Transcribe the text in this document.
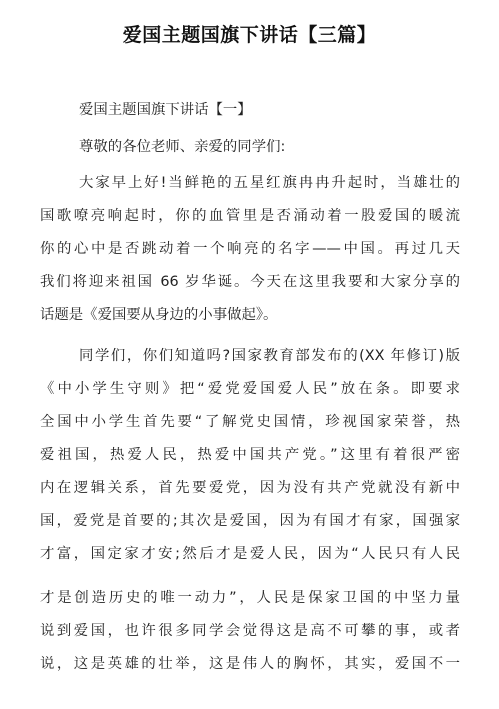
爱国主题国旗下讲话【三篇】
爱国主题国旗下讲话【一】
尊敬的各位老师、亲爱的同学们:
大家早上好!当鲜艳的五星红旗冉冉升起时，当雄壮的
国歌嘹亮响起时，你的血管里是否涌动着一股爱国的暖流
你的心中是否跳动着一个响亮的名字——中国。再过几天
我们将迎来祖国 66 岁华诞。今天在这里我要和大家分享的
话题是《爱国要从身边的小事做起》。
同学们，你们知道吗?国家教育部发布的(XX 年修订)版
《中小学生守则》把“爱党爱国爱人民”放在条。即要求
全国中小学生首先要“了解党史国情，珍视国家荣誉，热
爱祖国，热爱人民，热爱中国共产党。”这里有着很严密
内在逻辑关系，首先要爱党，因为没有共产党就没有新中
国，爱党是首要的;其次是爱国，因为有国才有家，国强家
才富，国定家才安;然后才是爱人民，因为“人民只有人民
才是创造历史的唯一动力”，人民是保家卫国的中坚力量
说到爱国，也许很多同学会觉得这是高不可攀的事，或者
说，这是英雄的壮举，这是伟人的胸怀，其实，爱国不一
